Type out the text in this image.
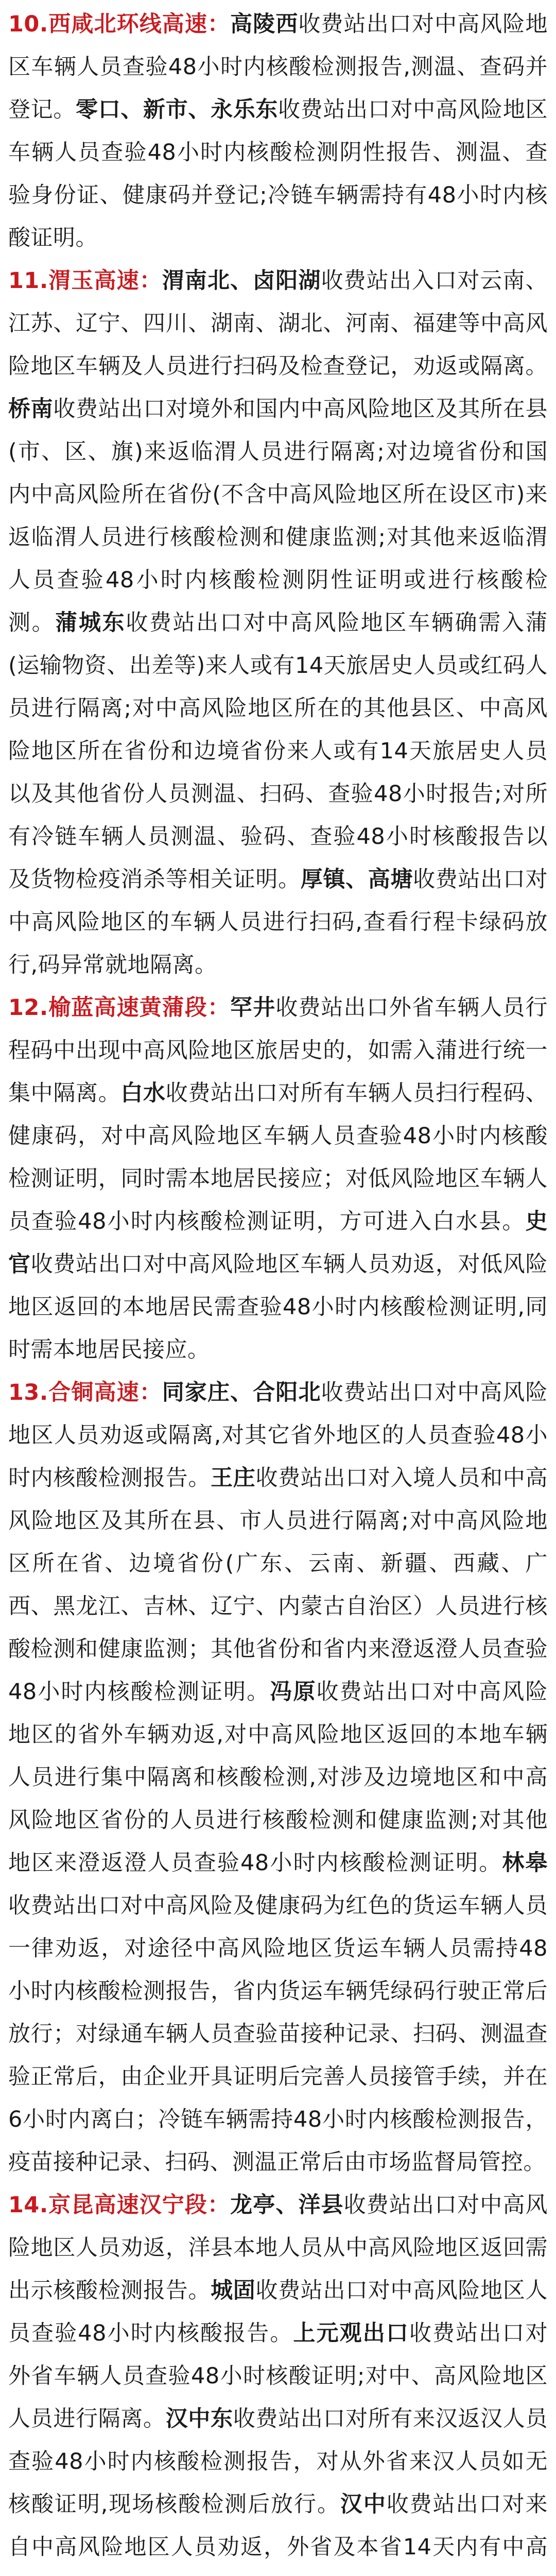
10.西咸北环线高速：高陵西收费站出口对中高风险地区车辆人员查验48小时内核酸检测报告,测温、查码并登记。零口、新市、永乐东收费站出口对中高风险地区车辆人员查验48小时内核酸检测阴性报告、测温、查验身份证、健康码并登记;冷链车辆需持有48小时内核酸证明。

11.渭玉高速：渭南北、卤阳湖收费站出入口对云南、江苏、辽宁、四川、湖南、湖北、河南、福建等中高风险地区车辆及人员进行扫码及检查登记，劝返或隔离。桥南收费站出口对境外和国内中高风险地区及其所在县(市、区、旗)来返临渭人员进行隔离;对边境省份和国内中高风险所在省份(不含中高风险地区所在设区市)来返临渭人员进行核酸检测和健康监测;对其他来返临渭人员查验48小时内核酸检测阴性证明或进行核酸检测。蒲城东收费站出口对中高风险地区车辆确需入蒲(运输物资、出差等)来人或有14天旅居史人员或红码人员进行隔离;对中高风险地区所在的其他县区、中高风险地区所在省份和边境省份来人或有14天旅居史人员以及其他省份人员测温、扫码、查验48小时报告;对所有冷链车辆人员测温、验码、查验48小时核酸报告以及货物检疫消杀等相关证明。厚镇、高塘收费站出口对中高风险地区的车辆人员进行扫码,查看行程卡绿码放行,码异常就地隔离。

12.榆蓝高速黄蒲段：罕井收费站出口外省车辆人员行程码中出现中高风险地区旅居史的，如需入蒲进行统一集中隔离。白水收费站出口对所有车辆人员扫行程码、健康码，对中高风险地区车辆人员查验48小时内核酸检测证明，同时需本地居民接应；对低风险地区车辆人员查验48小时内核酸检测证明，方可进入白水县。史官收费站出口对中高风险地区车辆人员劝返，对低风险地区返回的本地居民需查验48小时内核酸检测证明,同时需本地居民接应。

13.合铜高速：同家庄、合阳北收费站出口对中高风险地区人员劝返或隔离,对其它省外地区的人员查验48小时内核酸检测报告。王庄收费站出口对入境人员和中高风险地区及其所在县、市人员进行隔离;对中高风险地区所在省、边境省份(广东、云南、新疆、西藏、广西、黑龙江、吉林、辽宁、内蒙古自治区）人员进行核酸检测和健康监测；其他省份和省内来澄返澄人员查验48小时内核酸检测证明。冯原收费站出口对中高风险地区的省外车辆劝返,对中高风险地区返回的本地车辆人员进行集中隔离和核酸检测,对涉及边境地区和中高风险地区省份的人员进行核酸检测和健康监测;对其他地区来澄返澄人员查验48小时内核酸检测证明。林皋收费站出口对中高风险及健康码为红色的货运车辆人员一律劝返，对途径中高风险地区货运车辆人员需持48小时内核酸检测报告，省内货运车辆凭绿码行驶正常后放行；对绿通车辆人员查验苗接种记录、扫码、测温查验正常后，由企业开具证明后完善人员接管手续，并在6小时内离白；冷链车辆需持48小时内核酸检测报告，疫苗接种记录、扫码、测温正常后由市场监督局管控。

14.京昆高速汉宁段：龙亭、洋县收费站出口对中高风险地区人员劝返，洋县本地人员从中高风险地区返回需出示核酸检测报告。城固收费站出口对中高风险地区人员查验48小时内核酸报告。上元观出口收费站出口对外省车辆人员查验48小时核酸证明;对中、高风险地区人员进行隔离。汉中东收费站出口对所有来汉返汉人员查验48小时内核酸检测报告，对从外省来汉人员如无核酸证明,现场核酸检测后放行。汉中收费站出口对来自中高风险地区人员劝返，外省及本省14天内有中高
